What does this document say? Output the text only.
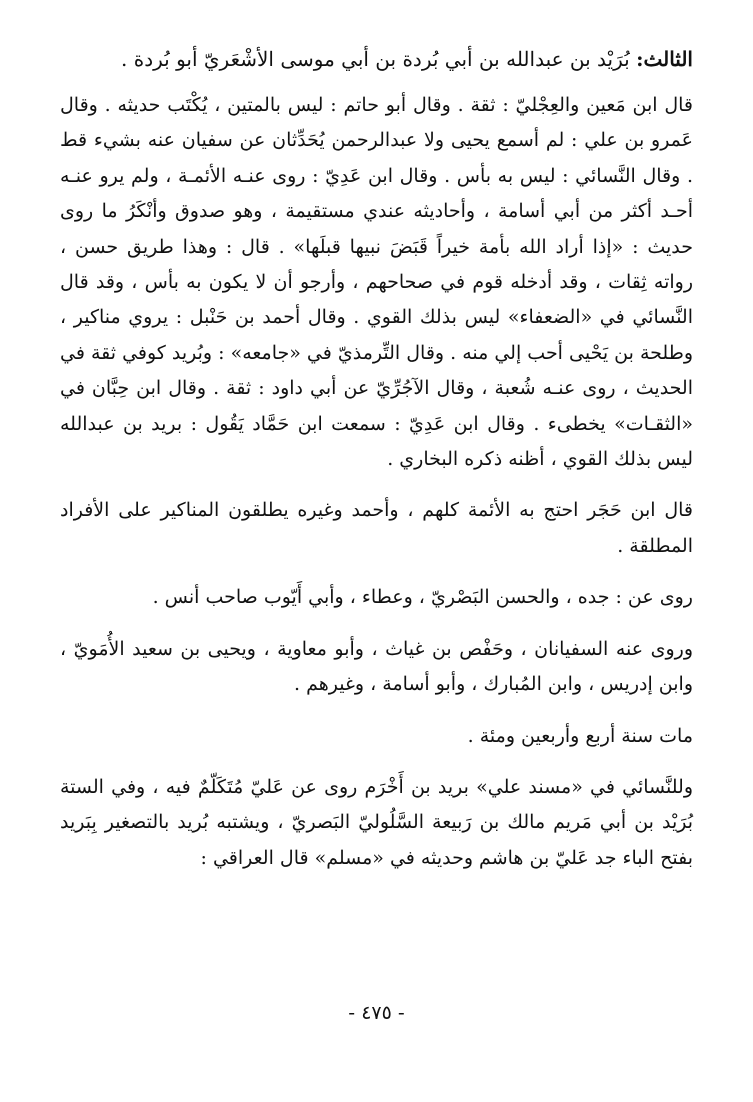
الثالث: بُرَيْد بن عبدالله بن أبي بُردة بن أبي موسى الأشْعَريّ أبو بُردة .

قال ابن مَعين والعِجْليّ : ثقة . وقال أبو حاتم : ليس بالمتين ، يُكْتَب حديثه . وقال عَمرو بن علي : لم أسمع يحيى ولا عبدالرحمن يُحَدِّثان عن سفيان عنه بشيء قط . وقال النَّسائي : ليس به بأس . وقال ابن عَدِيّ : روى عنـه الأئمـة ، ولم يرو عنـه أحـد أكثر من أبي أسامة ، وأحاديثه عندي مستقيمة ، وهو صدوق وأنْكَرُ ما روى حديث : «إذا أراد الله بأمة خيراً قَبَضَ نبيها قبلَها» . قال : وهذا طريق حسن ، رواته ثِقات ، وقد أدخله قوم في صحاحهم ، وأرجو أن لا يكون به بأس ، وقد قال النَّسائي في «الضعفاء» ليس بذلك القوي . وقال أحمد بن حَنْبل : يروي مناكير ، وطلحة بن يَحْيى أحب إلي منه . وقال التِّرمذيّ في «جامعه» : وبُريد كوفي ثقة في الحديث ، روى عنـه شُعبة ، وقال الآجُرِّيّ عن أبي داود : ثقة . وقال ابن حِبَّان في «الثقـات» يخطىء . وقال ابن عَدِيّ : سمعت ابن حَمَّاد يَقُول : بريد بن عبدالله ليس بذلك القوي ، أظنه ذكره البخاري .

قال ابن حَجَر احتج به الأئمة كلهم ، وأحمد وغيره يطلقون المناكير على الأفراد المطلقة .

روى عن : جده ، والحسن البَصْريّ ، وعطاء ، وأبي أَيّوب صاحب أنس .

وروى عنه السفيانان ، وحَفْص بن غياث ، وأبو معاوية ، ويحيى بن سعيد الأُمَويّ ، وابن إدريس ، وابن المُبارك ، وأبو أسامة ، وغيرهم .

مات سنة أربع وأربعين ومئة .

وللنَّسائي في «مسند علي» بريد بن أَخْرَم روى عن عَليّ مُتَكَلّمٌ فيه ، وفي الستة بُرَيْد بن أبي مَريم مالك بن رَبيعة السَّلُوليّ البَصريّ ، ويشتبه بُريد بالتصغير بِبَريد بفتح الباء جد عَليّ بن هاشم وحديثه في «مسلم» قال العراقي :

- ٤٧٥ -
